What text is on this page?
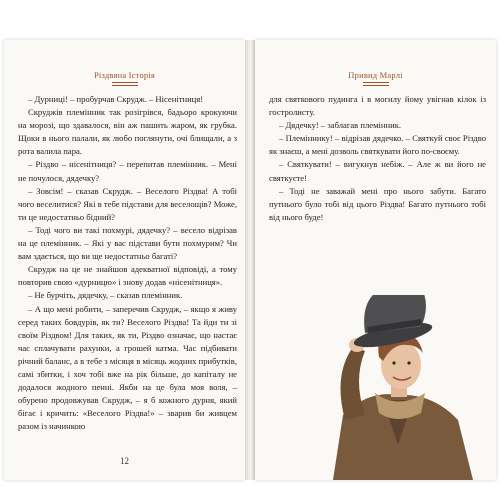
Різдвяна Історія

– Дурниці! – пробурчав Скрудж. – Нісенітниця!

Скруджів племінник так розігрівся, бадьоро крокуючи на морозі, що здавалося, він аж пашить жаром, як грубка. Щоки в нього палали, як любо поглянути, очі блищали, а з рота валила пара.

– Різдво – нісенітниця? – перепитав племінник. – Мені не почулося, дядечку?

– Зовсім! – сказав Скрудж. – Веселого Різдва! А тобі чого веселитися? Які в тебе підстави для веселощів? Може, ти це недостатньо бідний?

– Тоді чого ви такі похмурі, дядечку? – весело відрізав на це племінник. – Які у вас підстави бути похмурим? Чи вам здається, що ви ще недостатньо багаті?

Скрудж на це не знайшов адекватної відповіді, а тому повторив свою «дурницю» і знову додав «нісенітниця».

– Не бурчіть, дядечку, – сказав племінник.

– А що мені робити, – заперечив Скрудж, – якщо я живу серед таких бовдурів, як ти? Веселого Різдва! Та йди ти зі своїм Різдвом! Для таких, як ти, Різдво означає, що настає час сплачувати рахунки, а грошей катма. Час підбивати річний баланс, а в тебе з місяця в місяць жодних прибутків, самі збитки, і хоч тобі вже на рік більше, до капіталу не додалося жодного пенні. Якби на це була моя воля, – обурено продовжував Скрудж, – я б кожного дурня, який бігає і кричить: «Веселого Різдва!» – зварив би живцем разом із начинкою

12
Привид Марлі

для святкового пудинга і в могилу йому увігнав кілок із гостролисту.

– Дядечку! – заблагав племінник.

– Племіннику! – відрізав дядечко. – Святкуй своє Різдво як знаєш, а мені дозволь святкувати його по-своєму.

– Святкувати! – вигукнув небіж. – Але ж ви його не святкуєте!

– Тоді не заважай мені про нього забути. Багато путнього було тобі від цього Різдва! Багато путнього тобі від нього буде!
